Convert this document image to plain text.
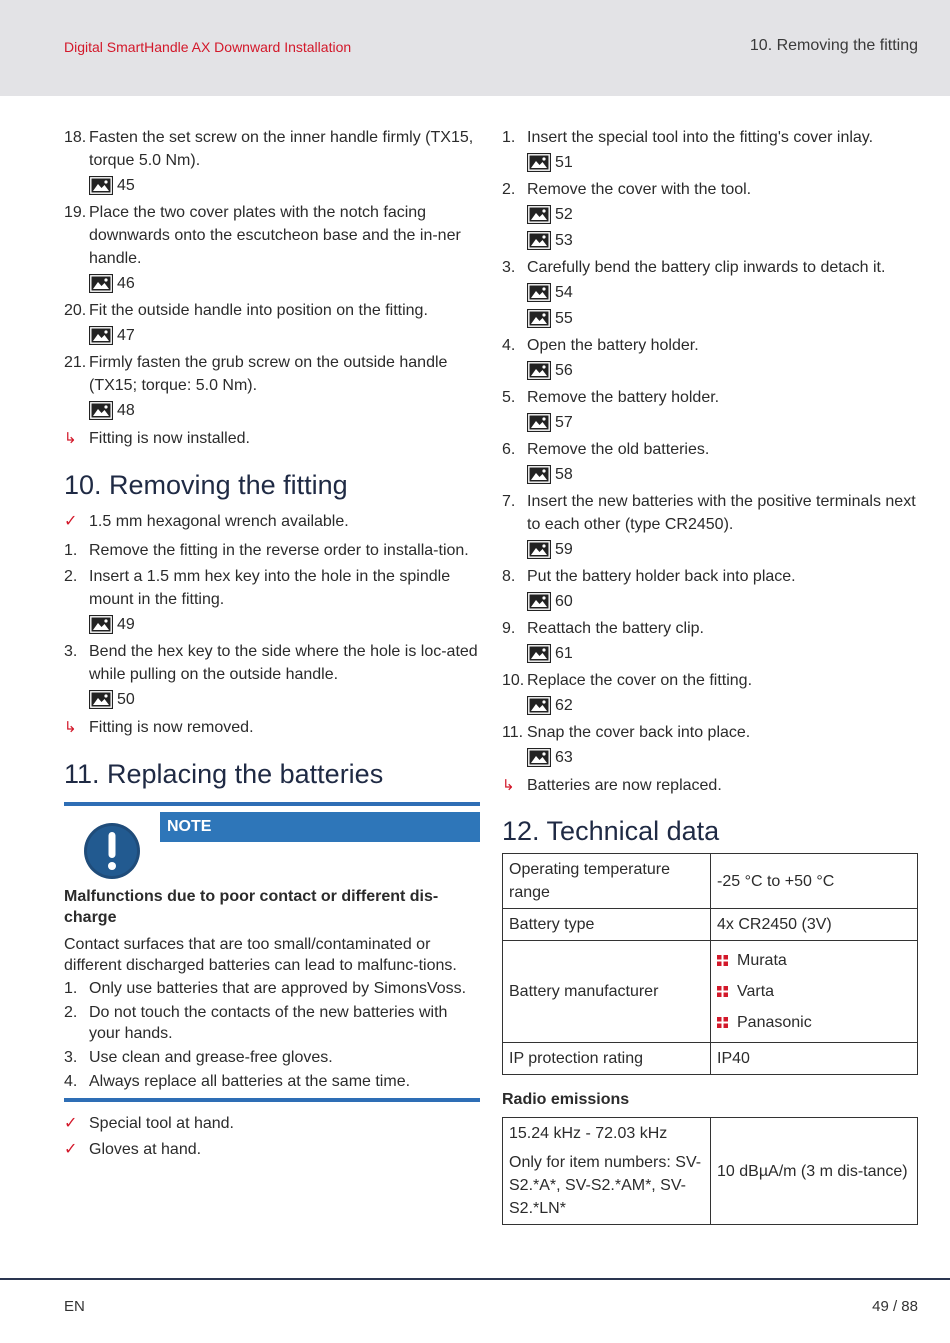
Digital SmartHandle AX Downward Installation	10. Removing the fitting
18. Fasten the set screw on the inner handle firmly (TX15, torque 5.0 Nm).
45
19. Place the two cover plates with the notch facing downwards onto the escutcheon base and the in-ner handle.
46
20. Fit the outside handle into position on the fitting.
47
21. Firmly fasten the grub screw on the outside handle (TX15; torque: 5.0 Nm).
48
↳ Fitting is now installed.
10. Removing the fitting
✓ 1.5 mm hexagonal wrench available.
1. Remove the fitting in the reverse order to installa-tion.
2. Insert a 1.5 mm hex key into the hole in the spindle mount in the fitting.
49
3. Bend the hex key to the side where the hole is loc-ated while pulling on the outside handle.
50
↳ Fitting is now removed.
11. Replacing the batteries
NOTE
Malfunctions due to poor contact or different dis-charge
Contact surfaces that are too small/contaminated or different discharged batteries can lead to malfunc-tions.
1. Only use batteries that are approved by SimonsVoss.
2. Do not touch the contacts of the new batteries with your hands.
3. Use clean and grease-free gloves.
4. Always replace all batteries at the same time.
✓ Special tool at hand.
✓ Gloves at hand.
1. Insert the special tool into the fitting's cover inlay.
51
2. Remove the cover with the tool.
52
53
3. Carefully bend the battery clip inwards to detach it.
54
55
4. Open the battery holder.
56
5. Remove the battery holder.
57
6. Remove the old batteries.
58
7. Insert the new batteries with the positive terminals next to each other (type CR2450).
59
8. Put the battery holder back into place.
60
9. Reattach the battery clip.
61
10. Replace the cover on the fitting.
62
11. Snap the cover back into place.
63
↳ Batteries are now replaced.
12. Technical data
Operating temperature range	-25 °C to +50 °C
Battery type	4x CR2450 (3V)
Battery manufacturer	Murata
Varta
Panasonic

IP protection rating	IP40
Radio emissions
15.24 kHz - 72.03 kHz
Only for item numbers: SV-S2.*A*, SV-S2.*AM*, SV-S2.*LN*
	10 dBµA/m (3 m dis-tance)
EN	49 / 88
